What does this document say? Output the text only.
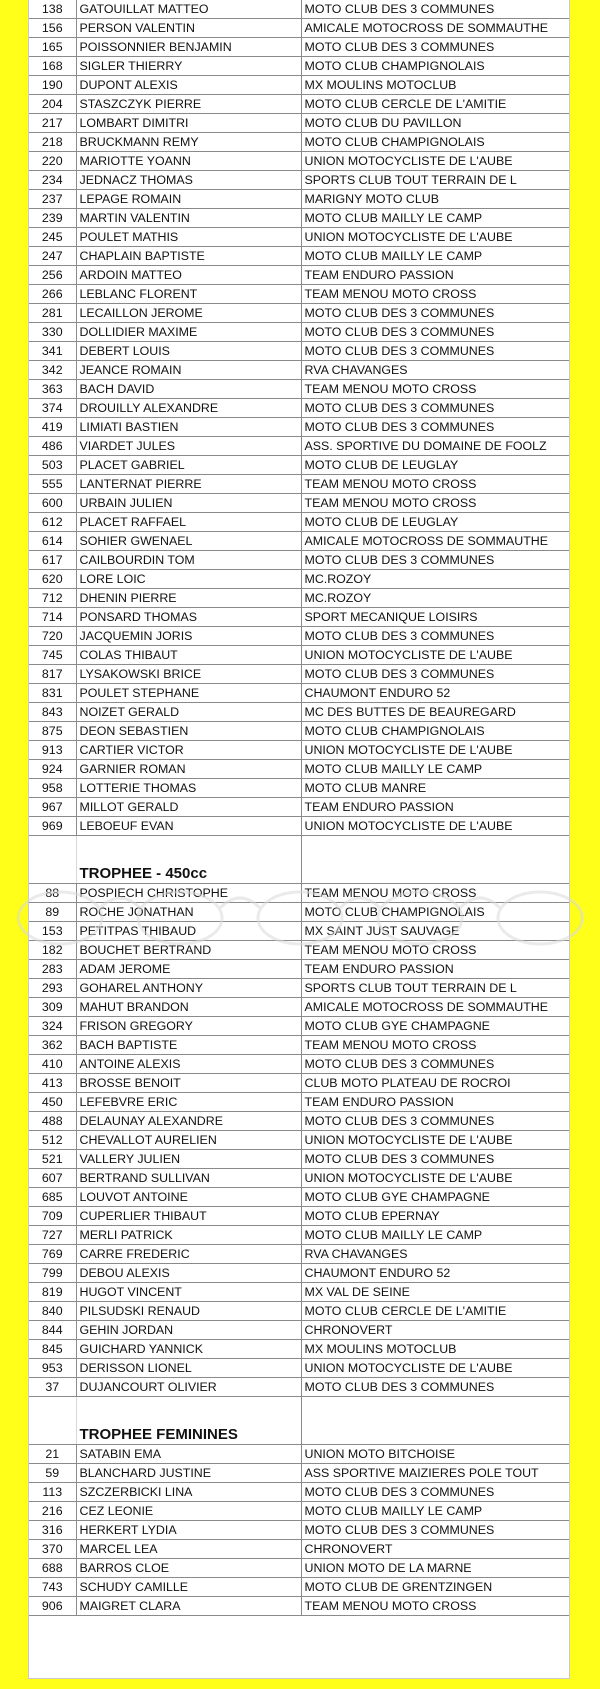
138	GATOUILLAT MATTEO	MOTO CLUB DES 3 COMMUNES
156	PERSON VALENTIN	AMICALE MOTOCROSS DE SOMMAUTHE
165	POISSONNIER BENJAMIN	MOTO CLUB DES 3 COMMUNES
168	SIGLER THIERRY	MOTO CLUB CHAMPIGNOLAIS
190	DUPONT ALEXIS	MX MOULINS MOTOCLUB
204	STASZCZYK PIERRE	MOTO CLUB CERCLE DE L'AMITIE
217	LOMBART DIMITRI	MOTO CLUB DU PAVILLON
218	BRUCKMANN REMY	MOTO CLUB CHAMPIGNOLAIS
220	MARIOTTE YOANN	UNION MOTOCYCLISTE DE L'AUBE
234	JEDNACZ THOMAS	SPORTS CLUB TOUT TERRAIN DE L
237	LEPAGE ROMAIN	MARIGNY MOTO CLUB
239	MARTIN VALENTIN	MOTO CLUB MAILLY LE CAMP
245	POULET MATHIS	UNION MOTOCYCLISTE DE L'AUBE
247	CHAPLAIN BAPTISTE	MOTO CLUB MAILLY LE CAMP
256	ARDOIN MATTEO	TEAM ENDURO PASSION
266	LEBLANC FLORENT	TEAM MENOU MOTO CROSS
281	LECAILLON JEROME	MOTO CLUB DES 3 COMMUNES
330	DOLLIDIER MAXIME	MOTO CLUB DES 3 COMMUNES
341	DEBERT LOUIS	MOTO CLUB DES 3 COMMUNES
342	JEANCE ROMAIN	RVA CHAVANGES
363	BACH DAVID	TEAM MENOU MOTO CROSS
374	DROUILLY ALEXANDRE	MOTO CLUB DES 3 COMMUNES
419	LIMIATI BASTIEN	MOTO CLUB DES 3 COMMUNES
486	VIARDET JULES	ASS. SPORTIVE DU DOMAINE DE FOOLZ
503	PLACET GABRIEL	MOTO CLUB DE LEUGLAY
555	LANTERNAT PIERRE	TEAM MENOU MOTO CROSS
600	URBAIN JULIEN	TEAM MENOU MOTO CROSS
612	PLACET RAFFAEL	MOTO CLUB DE LEUGLAY
614	SOHIER GWENAEL	AMICALE MOTOCROSS DE SOMMAUTHE
617	CAILBOURDIN TOM	MOTO CLUB DES 3 COMMUNES
620	LORE LOIC	MC.ROZOY
712	DHENIN PIERRE	MC.ROZOY
714	PONSARD THOMAS	SPORT MECANIQUE LOISIRS
720	JACQUEMIN JORIS	MOTO CLUB DES 3 COMMUNES
745	COLAS THIBAUT	UNION MOTOCYCLISTE DE L'AUBE
817	LYSAKOWSKI BRICE	MOTO CLUB DES 3 COMMUNES
831	POULET STEPHANE	CHAUMONT ENDURO 52
843	NOIZET GERALD	MC DES BUTTES DE BEAUREGARD
875	DEON SEBASTIEN	MOTO CLUB CHAMPIGNOLAIS
913	CARTIER VICTOR	UNION MOTOCYCLISTE DE L'AUBE
924	GARNIER ROMAN	MOTO CLUB MAILLY LE CAMP
958	LOTTERIE THOMAS	MOTO CLUB MANRE
967	MILLOT GERALD	TEAM ENDURO PASSION
969	LEBOEUF EVAN	UNION MOTOCYCLISTE DE L'AUBE
	TROPHEE - 450cc	
88	POSPIECH CHRISTOPHE	TEAM MENOU MOTO CROSS
89	ROCHE JONATHAN	MOTO CLUB CHAMPIGNOLAIS
153	PETITPAS THIBAUD	MX SAINT JUST SAUVAGE
182	BOUCHET BERTRAND	TEAM MENOU MOTO CROSS
283	ADAM JEROME	TEAM ENDURO PASSION
293	GOHAREL ANTHONY	SPORTS CLUB TOUT TERRAIN DE L
309	MAHUT BRANDON	AMICALE MOTOCROSS DE SOMMAUTHE
324	FRISON GREGORY	MOTO CLUB GYE CHAMPAGNE
362	BACH BAPTISTE	TEAM MENOU MOTO CROSS
410	ANTOINE ALEXIS	MOTO CLUB DES 3 COMMUNES
413	BROSSE BENOIT	CLUB MOTO PLATEAU DE ROCROI
450	LEFEBVRE ERIC	TEAM ENDURO PASSION
488	DELAUNAY ALEXANDRE	MOTO CLUB DES 3 COMMUNES
512	CHEVALLOT AURELIEN	UNION MOTOCYCLISTE DE L'AUBE
521	VALLERY JULIEN	MOTO CLUB DES 3 COMMUNES
607	BERTRAND SULLIVAN	UNION MOTOCYCLISTE DE L'AUBE
685	LOUVOT ANTOINE	MOTO CLUB GYE CHAMPAGNE
709	CUPERLIER THIBAUT	MOTO CLUB EPERNAY
727	MERLI PATRICK	MOTO CLUB MAILLY LE CAMP
769	CARRE FREDERIC	RVA CHAVANGES
799	DEBOU ALEXIS	CHAUMONT ENDURO 52
819	HUGOT VINCENT	MX VAL DE SEINE
840	PILSUDSKI RENAUD	MOTO CLUB CERCLE DE L'AMITIE
844	GEHIN JORDAN	CHRONOVERT
845	GUICHARD YANNICK	MX MOULINS MOTOCLUB
953	DERISSON LIONEL	UNION MOTOCYCLISTE DE L'AUBE
37	DUJANCOURT OLIVIER	MOTO CLUB DES 3 COMMUNES
	TROPHEE FEMININES	
21	SATABIN EMA	UNION MOTO BITCHOISE
59	BLANCHARD JUSTINE	ASS SPORTIVE MAIZIERES POLE TOUT
113	SZCZERBICKI LINA	MOTO CLUB DES 3 COMMUNES
216	CEZ LEONIE	MOTO CLUB MAILLY LE CAMP
316	HERKERT LYDIA	MOTO CLUB DES 3 COMMUNES
370	MARCEL LEA	CHRONOVERT
688	BARROS CLOE	UNION MOTO DE LA MARNE
743	SCHUDY CAMILLE	MOTO CLUB DE GRENTZINGEN
906	MAIGRET CLARA	TEAM MENOU MOTO CROSS
